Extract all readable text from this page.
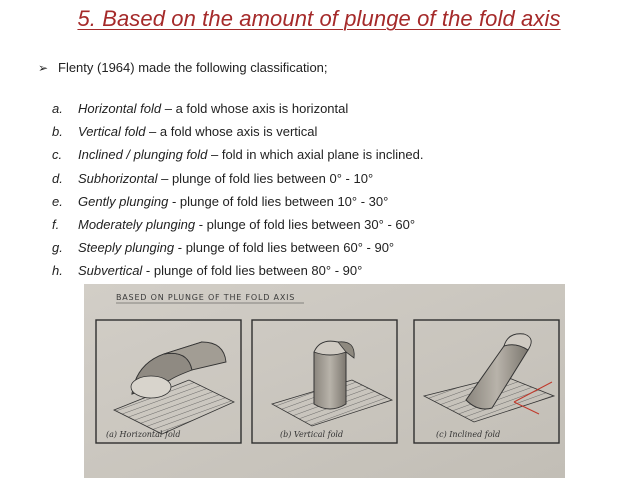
5. Based on the amount of plunge of the fold axis
➢ Flenty (1964) made the following classification;
a. Horizontal fold – a fold whose axis is horizontal
b. Vertical fold – a fold whose axis is vertical
c. Inclined / plunging fold – fold in which axial plane is inclined.
d. Subhorizontal – plunge of fold lies between 0° - 10°
e. Gently plunging - plunge of fold lies between 10° - 30°
f. Moderately plunging - plunge of fold lies between 30° - 60°
g. Steeply plunging - plunge of fold lies between 60° - 90°
h. Subvertical - plunge of fold lies between 80° - 90°
BASED ON PLUNGE OF THE FOLD AXIS
(a) Horizontal fold	(b) Vertical fold	(c) Inclined fold
